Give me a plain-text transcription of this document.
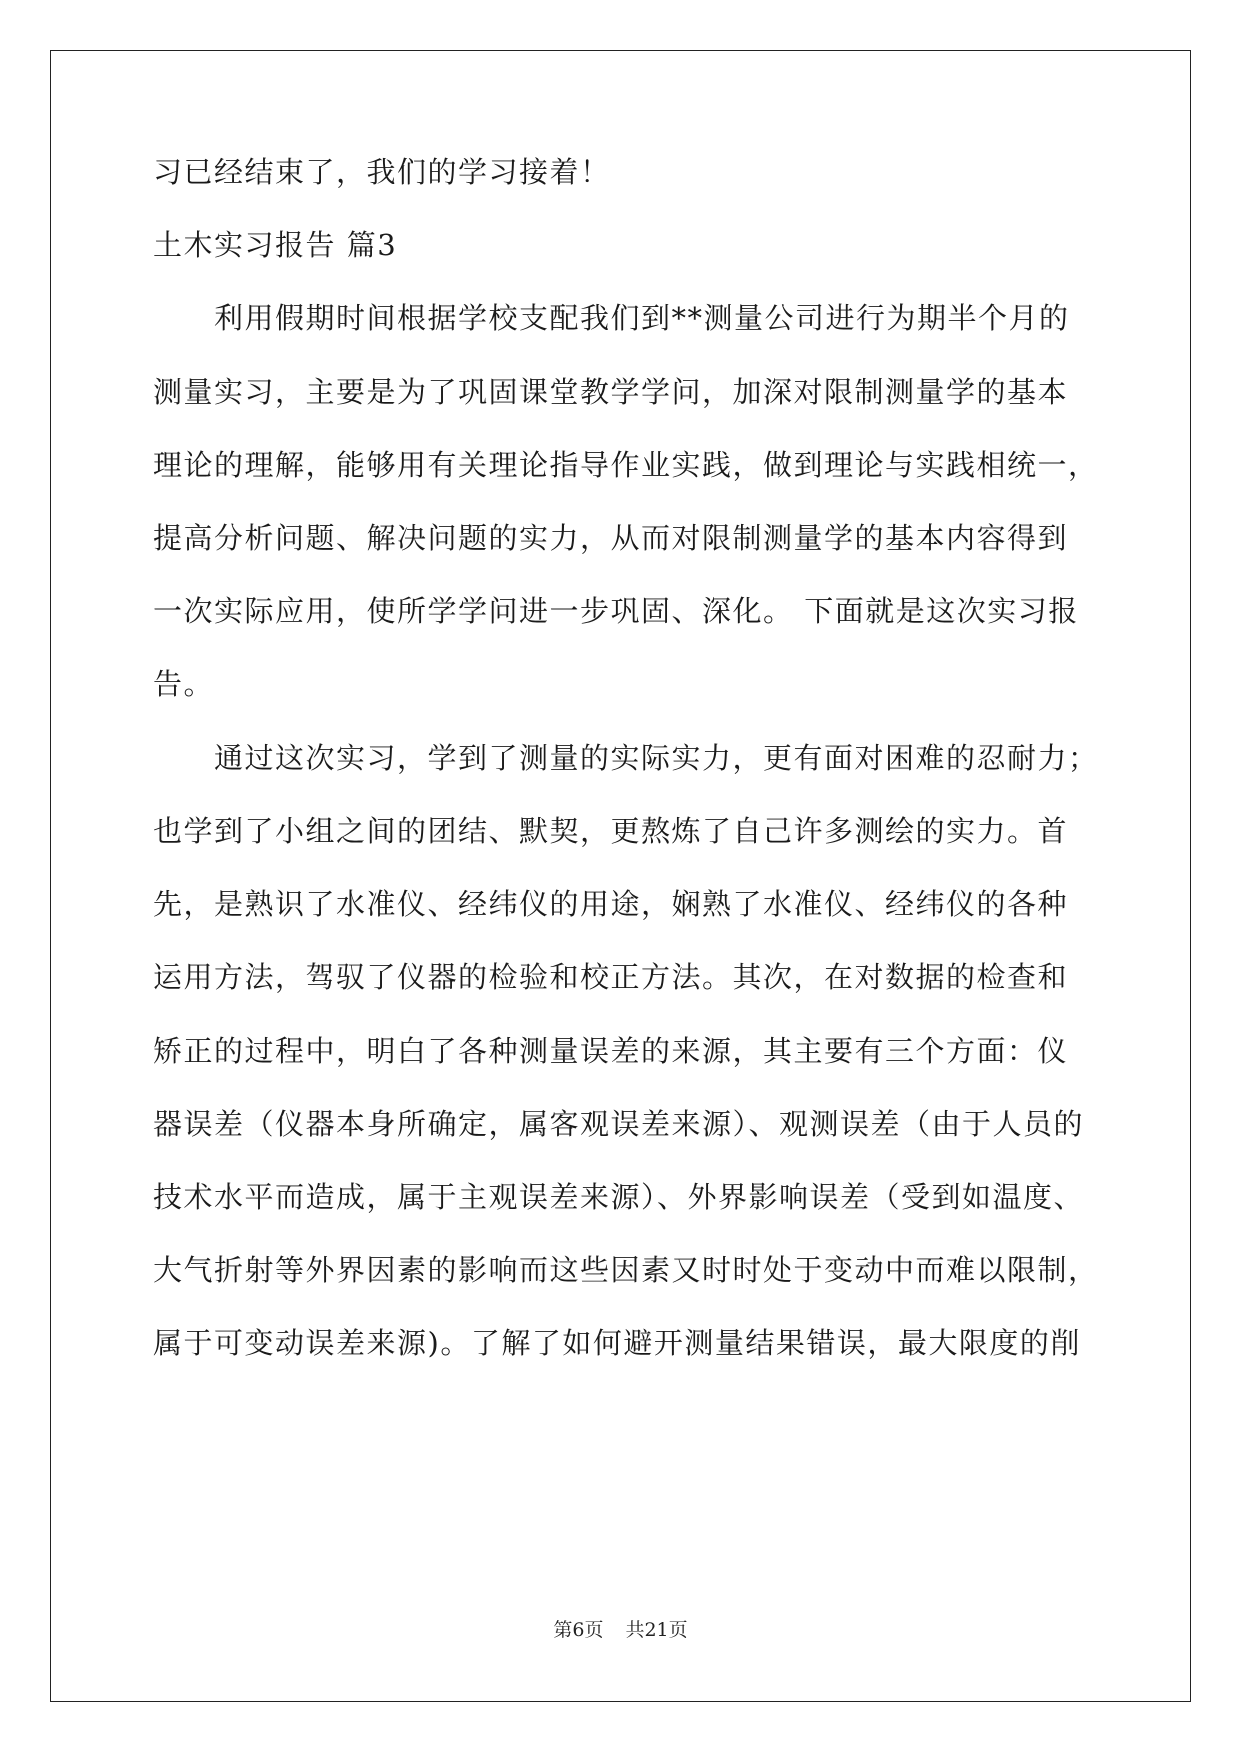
习已经结束了，我们的学习接着！
土木实习报告 篇3
利用假期时间根据学校支配我们到**测量公司进行为期半个月的
测量实习，主要是为了巩固课堂教学学问，加深对限制测量学的基本
理论的理解，能够用有关理论指导作业实践，做到理论与实践相统一，
提高分析问题、解决问题的实力，从而对限制测量学的基本内容得到
一次实际应用，使所学学问进一步巩固、深化。 下面就是这次实习报
告。
通过这次实习，学到了测量的实际实力，更有面对困难的忍耐力；
也学到了小组之间的团结、默契，更熬炼了自己许多测绘的实力。首
先，是熟识了水准仪、经纬仪的用途，娴熟了水准仪、经纬仪的各种
运用方法，驾驭了仪器的检验和校正方法。其次，在对数据的检查和
矫正的过程中，明白了各种测量误差的来源，其主要有三个方面：仪
器误差（仪器本身所确定，属客观误差来源）、观测误差（由于人员的
技术水平而造成，属于主观误差来源）、外界影响误差（受到如温度、
大气折射等外界因素的影响而这些因素又时时处于变动中而难以限制，
属于可变动误差来源)。了解了如何避开测量结果错误，最大限度的削
第6页 共21页
